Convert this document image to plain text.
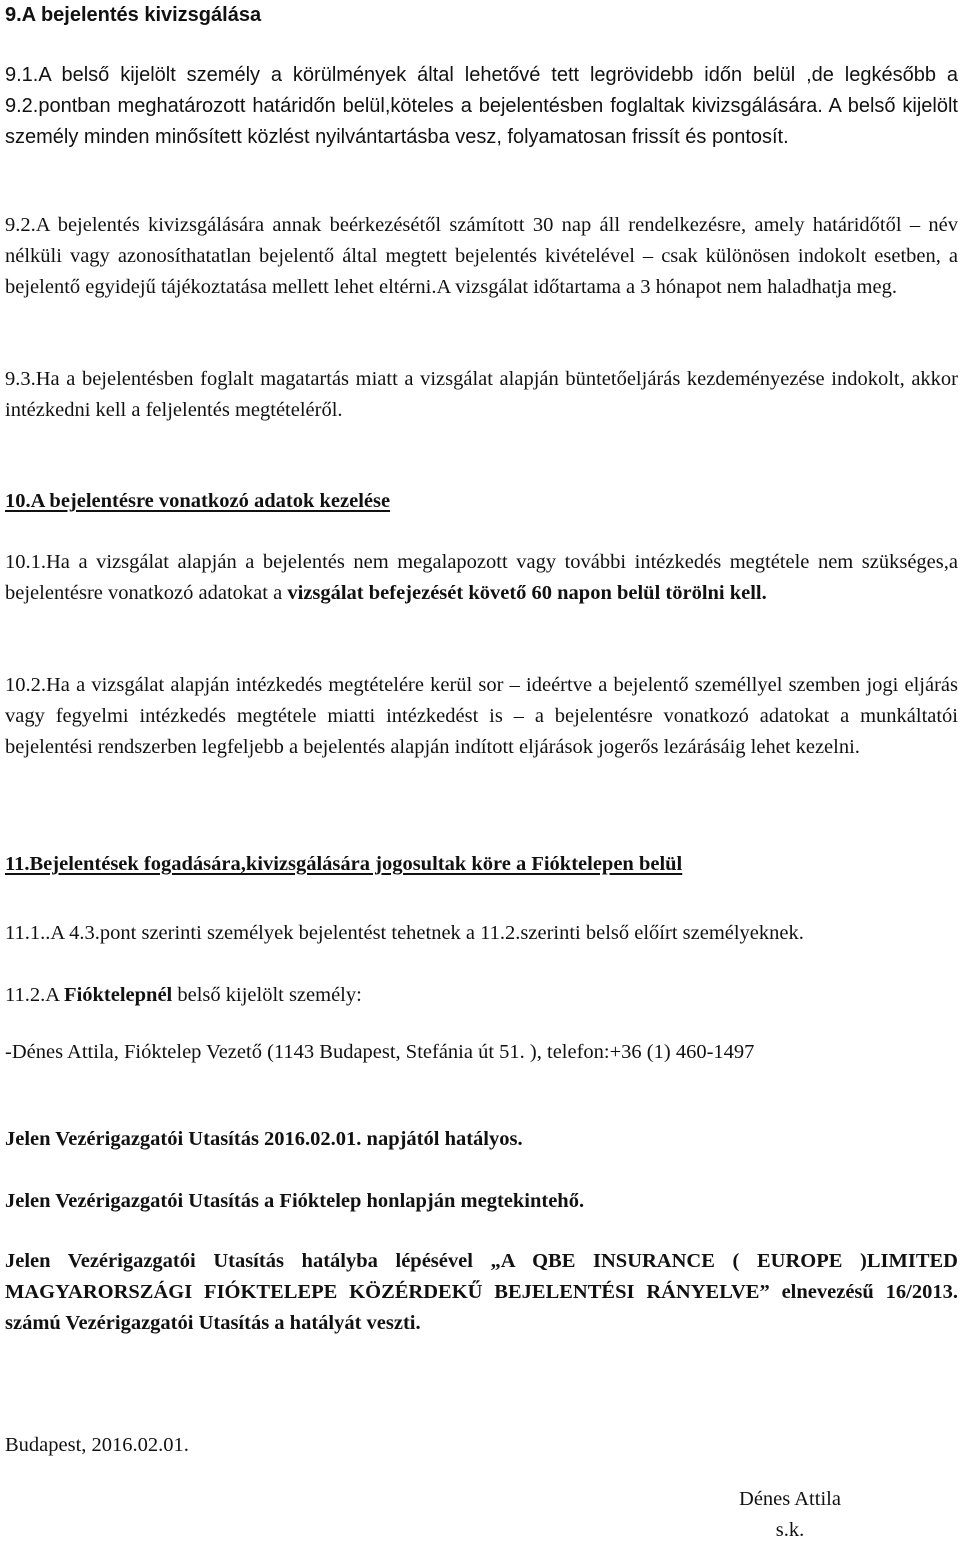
9.A bejelentés kivizsgálása
9.1.A belső kijelölt személy a körülmények által lehetővé tett legrövidebb időn belül ,de legkésőbb a 9.2.pontban meghatározott határidőn belül,köteles a bejelentésben foglaltak kivizsgálására. A belső kijelölt személy minden minősített közlést nyilvántartásba vesz, folyamatosan frissít és pontosít.
9.2.A bejelentés kivizsgálására annak beérkezésétől számított 30 nap áll rendelkezésre, amely határidőtől – név nélküli vagy azonosíthatatlan bejelentő által megtett bejelentés kivételével – csak különösen indokolt esetben, a bejelentő egyidejű tájékoztatása mellett lehet eltérni.A vizsgálat időtartama a 3 hónapot nem haladhatja meg.
9.3.Ha a bejelentésben foglalt magatartás miatt a vizsgálat alapján büntetőeljárás kezdeményezése indokolt, akkor intézkedni kell a feljelentés megtételéről.
10.A bejelentésre vonatkozó adatok kezelése
10.1.Ha a vizsgálat alapján a bejelentés nem megalapozott vagy további intézkedés megtétele nem szükséges,a bejelentésre vonatkozó adatokat a vizsgálat befejezését követő 60 napon belül törölni kell.
10.2.Ha a vizsgálat alapján intézkedés megtételére kerül sor – ideértve a bejelentő személlyel szemben jogi eljárás vagy fegyelmi intézkedés megtétele miatti intézkedést is – a bejelentésre vonatkozó adatokat a munkáltatói bejelentési rendszerben legfeljebb a bejelentés alapján indított eljárások jogerős lezárásáig lehet kezelni.
11.Bejelentések fogadására,kivizsgálására jogosultak köre a Fióktelepen belül
11.1..A 4.3.pont szerinti személyek bejelentést tehetnek a 11.2.szerinti belső előírt személyeknek.
11.2.A Fióktelepnél belső kijelölt személy:
-Dénes Attila, Fióktelep Vezető (1143 Budapest, Stefánia út 51. ), telefon:+36 (1) 460-1497
Jelen Vezérigazgatói Utasítás 2016.02.01. napjától hatályos.
Jelen Vezérigazgatói Utasítás a Fióktelep honlapján megtekintehő.
Jelen Vezérigazgatói Utasítás hatályba lépésével „A QBE INSURANCE ( EUROPE )LIMITED MAGYARORSZÁGI FIÓKTELEPE KÖZÉRDEKŰ BEJELENTÉSI RÁNYELVE” elnevezésű 16/2013. számú Vezérigazgatói Utasítás a hatályát veszti.
Budapest, 2016.02.01.
Dénes Attila
s.k.
